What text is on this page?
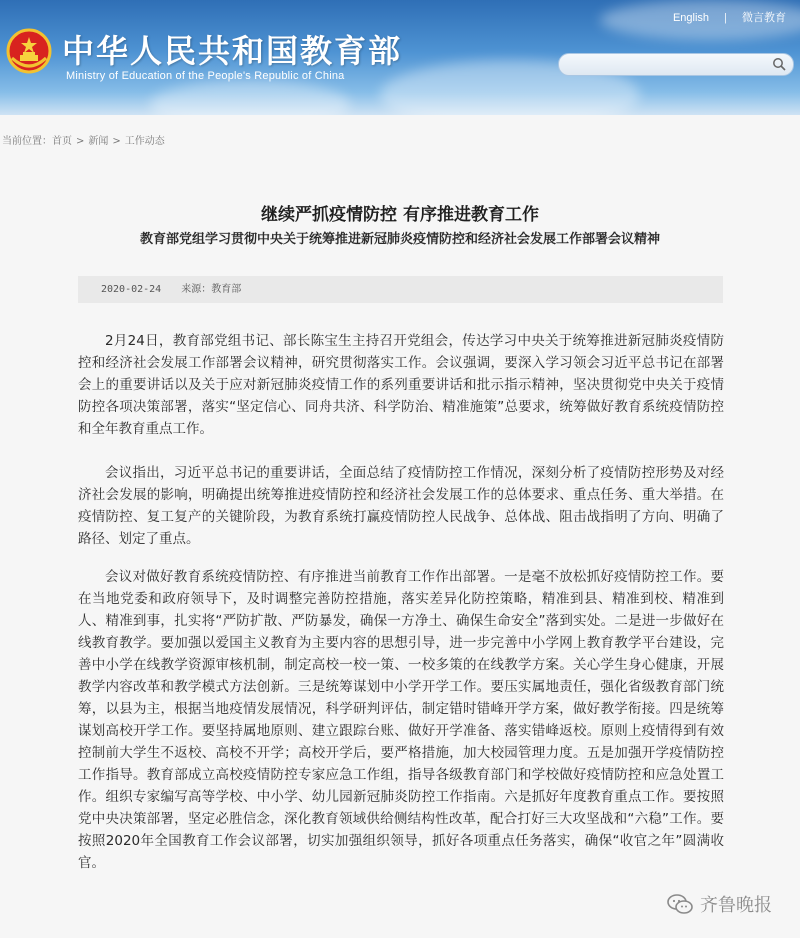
中华人民共和国教育部
Ministry of Education of the People's Republic of China
English | 微言教育
当前位置：首页 > 新闻 > 工作动态
继续严抓疫情防控 有序推进教育工作
教育部党组学习贯彻中央关于统筹推进新冠肺炎疫情防控和经济社会发展工作部署会议精神
2020-02-24 来源：教育部

2月24日，教育部党组书记、部长陈宝生主持召开党组会，传达学习中央关于统筹推进新冠肺炎疫情防控和经济社会发展工作部署会议精神，研究贯彻落实工作。会议强调，要深入学习领会习近平总书记在部署会上的重要讲话以及关于应对新冠肺炎疫情工作的系列重要讲话和批示指示精神，坚决贯彻党中央关于疫情防控各项决策部署，落实“坚定信心、同舟共济、科学防治、精准施策”总要求，统筹做好教育系统疫情防控和全年教育重点工作。

会议指出，习近平总书记的重要讲话，全面总结了疫情防控工作情况，深刻分析了疫情防控形势及对经济社会发展的影响，明确提出统筹推进疫情防控和经济社会发展工作的总体要求、重点任务、重大举措。在疫情防控、复工复产的关键阶段，为教育系统打赢疫情防控人民战争、总体战、阻击战指明了方向、明确了路径、划定了重点。

会议对做好教育系统疫情防控、有序推进当前教育工作作出部署。一是毫不放松抓好疫情防控工作。要在当地党委和政府领导下，及时调整完善防控措施，落实差异化防控策略，精准到县、精准到校、精准到人、精准到事，扎实将“严防扩散、严防暴发，确保一方净土、确保生命安全”落到实处。二是进一步做好在线教育教学。要加强以爱国主义教育为主要内容的思想引导，进一步完善中小学网上教育教学平台建设，完善中小学在线教学资源审核机制，制定高校一校一策、一校多策的在线教学方案。关心学生身心健康，开展教学内容改革和教学模式方法创新。三是统筹谋划中小学开学工作。要压实属地责任，强化省级教育部门统筹，以县为主，根据当地疫情发展情况，科学研判评估，制定错时错峰开学方案，做好教学衔接。四是统筹谋划高校开学工作。要坚持属地原则、建立跟踪台账、做好开学准备、落实错峰返校。原则上疫情得到有效控制前大学生不返校、高校不开学；高校开学后，要严格措施，加大校园管理力度。五是加强开学疫情防控工作指导。教育部成立高校疫情防控专家应急工作组，指导各级教育部门和学校做好疫情防控和应急处置工作。组织专家编写高等学校、中小学、幼儿园新冠肺炎防控工作指南。六是抓好年度教育重点工作。要按照党中央决策部署，坚定必胜信念，深化教育领域供给侧结构性改革，配合打好三大攻坚战和“六稳”工作。要按照2020年全国教育工作会议部署，切实加强组织领导，抓好各项重点任务落实，确保“收官之年”圆满收官。

齐鲁晚报
